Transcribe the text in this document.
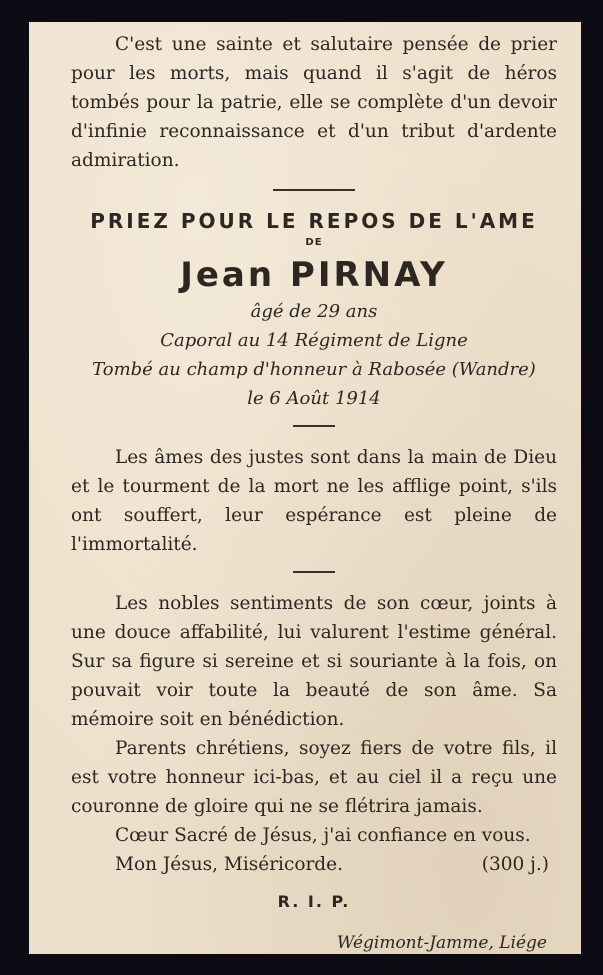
C'est une sainte et salutaire pensée de prier pour les morts, mais quand il s'agit de héros tombés pour la patrie, elle se complète d'un devoir d'infinie reconnaissance et d'un tribut d'ardente admiration.

PRIEZ POUR LE REPOS DE L'AME

DE

Jean PIRNAY

âgé de 29 ans

Caporal au 14 Régiment de Ligne

Tombé au champ d'honneur à Rabosée (Wandre)

le 6 Août 1914

Les âmes des justes sont dans la main de Dieu et le tourment de la mort ne les afflige point, s'ils ont souffert, leur espérance est pleine de l'immortalité.

Les nobles sentiments de son cœur, joints à une douce affabilité, lui valurent l'estime général. Sur sa figure si sereine et si souriante à la fois, on pouvait voir toute la beauté de son âme. Sa mémoire soit en bénédiction.

Parents chrétiens, soyez fiers de votre fils, il est votre honneur ici-bas, et au ciel il a reçu une couronne de gloire qui ne se flétrira jamais.

Cœur Sacré de Jésus, j'ai confiance en vous.

Mon Jésus, Miséricorde.	(300 j.)

R. I. P.

Wégimont-Jamme, Liége
